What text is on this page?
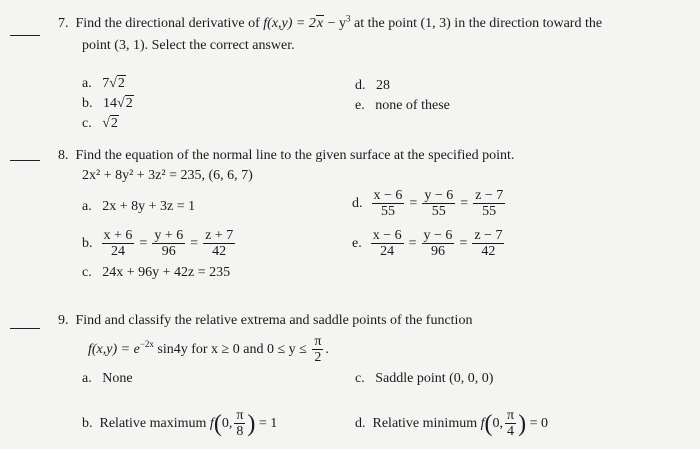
7. Find the directional derivative of $f(x,y) = 2x - y^3$ at the point (1, 3) in the direction toward the
point (3, 1). Select the correct answer.
a. 7√2
b. 14√2
c. √2
d. 28
e. none of these
8. Find the equation of the normal line to the given surface at the specified point.
2x² + 8y² + 3z² = 235, (6, 6, 7)
a. 2x + 8y + 3z = 1
b.
$\frac{x + 6}{24} = \frac{y + 6}{96} = \frac{z + 7}{42}$
c. 24x + 96y + 42z = 235
d.
$\frac{x - 6}{55} = \frac{y - 6}{55} = \frac{z - 7}{55}$
e.
$\frac{x - 6}{24} = \frac{y - 6}{96} = \frac{z - 7}{42}$
9. Find and classify the relative extrema and saddle points of the function
$f(x,y) = e^{-2x}$
sin4y for x ≥ 0 and 0 ≤ y ≤
$\frac{\pi}{2}$ .
a. None	c. Saddle point (0, 0, 0)
b.
Relative maximum
f ( 0, $\frac{\pi}{8}$ )
= 1	d.
Relative minimum
f ( 0, $\frac{\pi}{4}$ )
= 0
